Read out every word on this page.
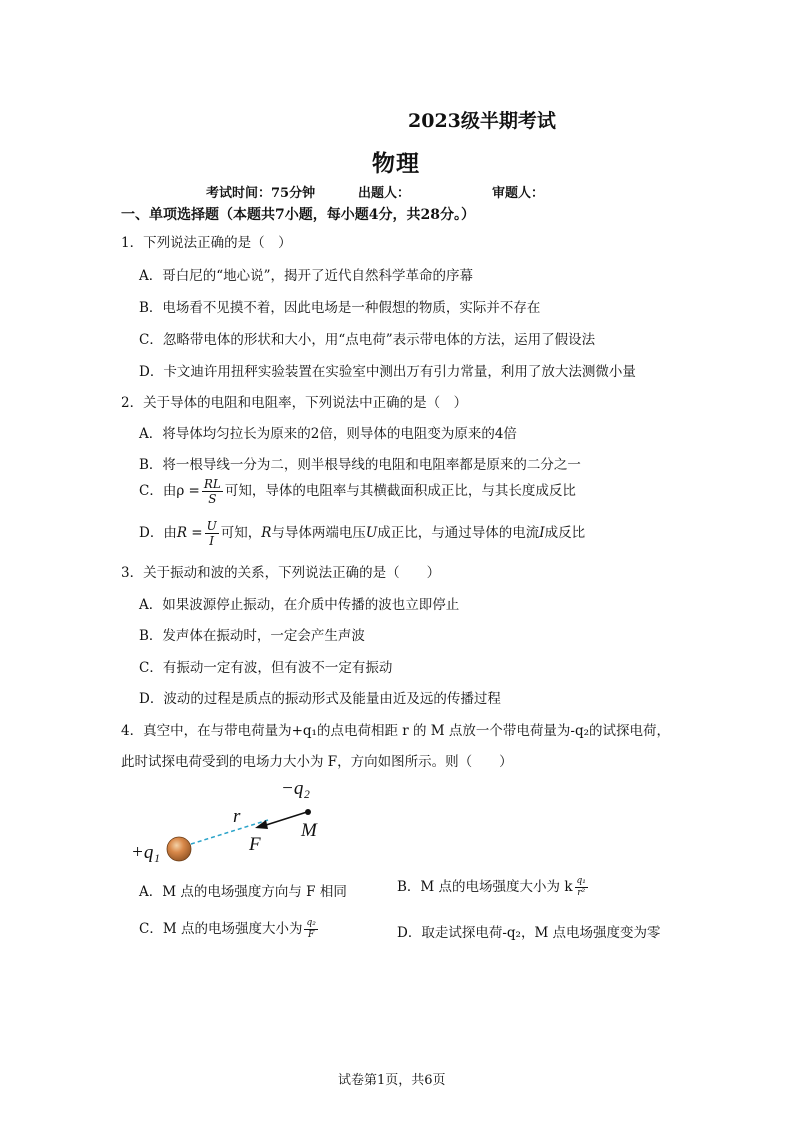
2023级半期考试
物理
考试时间：75分钟	出题人：	审题人：
一、单项选择题（本题共7小题，每小题4分，共28分。）
1．下列说法正确的是（　）
A．哥白尼的“地心说”，揭开了近代自然科学革命的序幕
B．电场看不见摸不着，因此电场是一种假想的物质，实际并不存在
C．忽略带电体的形状和大小，用“点电荷”表示带电体的方法，运用了假设法
D．卡文迪许用扭秤实验装置在实验室中测出万有引力常量，利用了放大法测微小量
2．关于导体的电阻和电阻率，下列说法中正确的是（　）
A．将导体均匀拉长为原来的2倍，则导体的电阻变为原来的4倍
B．将一根导线一分为二，则半根导线的电阻和电阻率都是原来的二分之一
C．由$\rho = \frac{RL}{S}$ 可知，导体的电阻率与其横截面积成正比，与其长度成反比
D．由$R = \frac{U}{I}$ 可知，R与导体两端电压U成正比，与通过导体的电流I成反比
3．关于振动和波的关系，下列说法正确的是（　　）
A．如果波源停止振动，在介质中传播的波也立即停止
B．发声体在振动时，一定会产生声波
C．有振动一定有波，但有波不一定有振动
D．波动的过程是质点的振动形式及能量由近及远的传播过程
4．真空中，在与带电荷量为+q₁的点电荷相距 r 的 M 点放一个带电荷量为-q₂的试探电荷，
此时试探电荷受到的电场力大小为 F，方向如图所示。则（　　）
−q₂
r
M
F
+q₁
A．M 点的电场强度方向与 F 相同	B．M 点的电场强度大小为 k $\frac{\text{q₁}}{\text{r²}}$
C．M 点的电场强度大小为 $\frac{\text{q₂}}{F}$	D．取走试探电荷-q₂，M 点电场强度变为零
试卷第1页，共6页
